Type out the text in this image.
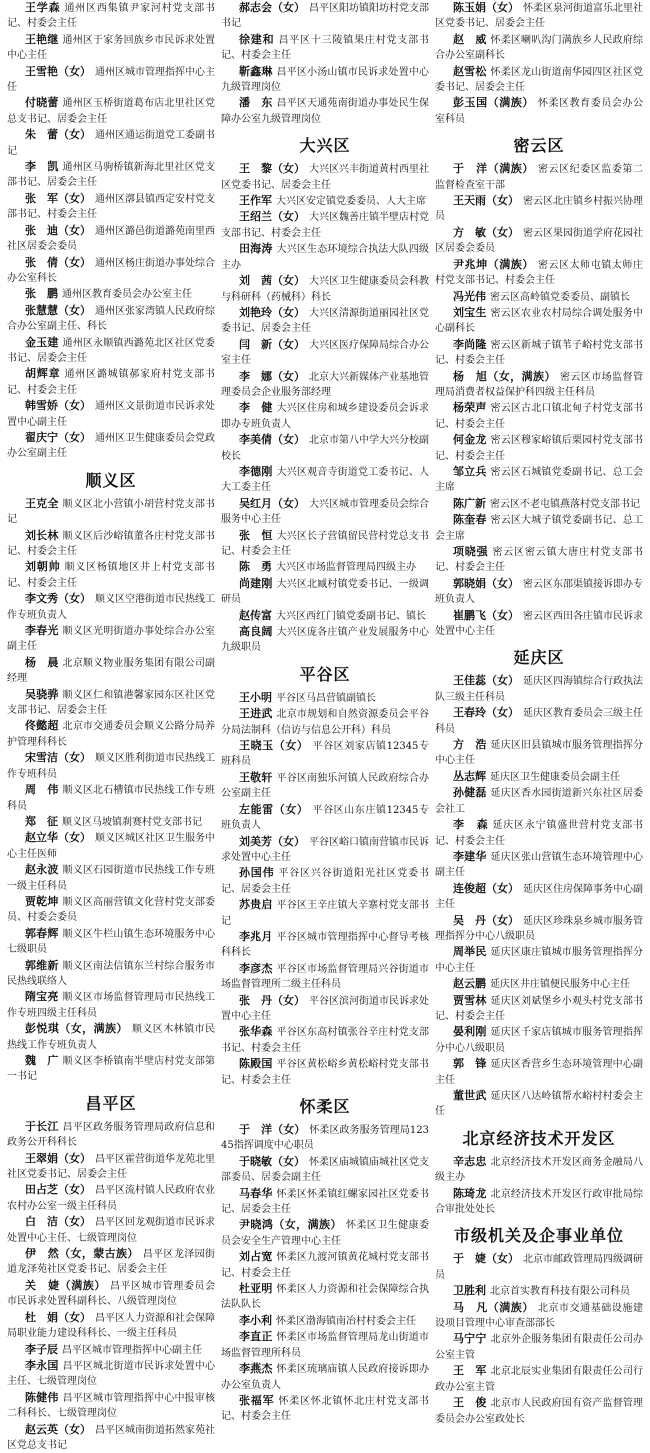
王学森 通州区西集镇尹家河村党支部书记、村委会主任

王艳继 通州区于家务回族乡市民诉求处置中心主任

王雪艳（女） 通州区城市管理指挥中心主任

付晓蕾 通州区玉桥街道葛布店北里社区党总支书记、居委会主任

朱　蕾（女） 通州区通运街道党工委副书记

李　凯 通州区马驹桥镇新海北里社区党支部书记、居委会主任

张　军（女） 通州区漷县镇西定安村党支部书记、村委会主任

张　迪（女） 通州区潞邑街道潞苑南里西社区居委会委员

张　倩（女） 通州区杨庄街道办事处综合办公室科长

张　鹏 通州区教育委员会办公室主任

张慧慧（女） 通州区张家湾镇人民政府综合办公室副主任、科长

金玉建 通州区永顺镇西潞苑北区社区党委书记、居委会主任

胡辉章 通州区潞城镇郝家府村党支部书记、村委会主任

韩雪娇（女） 通州区文景街道市民诉求处置中心副主任

翟庆宁（女） 通州区卫生健康委员会党政办公室副主任

顺义区

王克全 顺义区北小营镇小胡营村党支部书记

刘长林 顺义区后沙峪镇董各庄村党支部书记、村委会主任

刘朝帅 顺义区杨镇地区井上村党支部书记、村委会主任

李文秀（女） 顺义区空港街道市民热线工作专班负责人

李春光 顺义区光明街道办事处综合办公室副主任

杨　晨 北京顺义物业服务集团有限公司副经理

吴骁骅 顺义区仁和镇港馨家园东区社区党支部书记、居委会主任

佟懿超 北京市交通委员会顺义公路分局养护管理科科长

宋雪洁（女） 顺义区胜利街道市民热线工作专班科员

周　伟 顺义区北石槽镇市民热线工作专班科员

郑　征 顺义区马坡镇刹赛村党支部书记

赵立华（女） 顺义区城区社区卫生服务中心主任医师

赵永波 顺义区石园街道市民热线工作专班一级主任科员

贾乾坤 顺义区高丽营镇文化营村党支部委员、村委会委员

郭春辉 顺义区牛栏山镇生态环境服务中心七级职员

郭维新 顺义区南法信镇东兰村综合服务市民热线联络人

隋宝亮 顺义区市场监督管理局市民热线工作专班四级主任科员

彭悦琪（女，满族） 顺义区木林镇市民热线工作专班负责人

魏　广 顺义区李桥镇南半壁店村党支部第一书记

昌平区

于长江 昌平区政务服务管理局政府信息和政务公开科科长

王翠娟（女） 昌平区霍营街道华龙苑北里社区党委书记、居委会主任

田占芝（女） 昌平区流村镇人民政府农业农村办公室一级主任科员

白　洁（女） 昌平区回龙观街道市民诉求处置中心主任、七级管理岗位

伊　然（女，蒙古族） 昌平区龙泽园街道龙泽苑社区党委书记、居委会主任

关　婕（满族） 昌平区城市管理委员会市民诉求处置科副科长、八级管理岗位

杜　娟（女） 昌平区人力资源和社会保障局职业能力建设科科长、一级主任科员

李子辰 昌平区城市管理指挥中心副主任

李永国 昌平区城北街道市民诉求处置中心主任、七级管理岗位

陈健伟 昌平区城市管理指挥中心中报审核二科科长、七级管理岗位

赵云英（女） 昌平区城南街道拓然家苑社区党总支书记

郝志会（女） 昌平区阳坊镇阳坊村党支部书记

徐建和 昌平区十三陵镇果庄村党支部书记、村委会主任

靳鑫琳 昌平区小汤山镇市民诉求处置中心九级管理岗位

潘　东 昌平区天通苑南街道办事处民生保障办公室九级管理岗位

大兴区

王　黎（女） 大兴区兴丰街道黄村西里社区党委书记、居委会主任

王作军 大兴区安定镇党委委员、人大主席

王绍兰（女） 大兴区魏善庄镇半壁店村党支部书记、村委会主任

田海涛 大兴区生态环境综合执法大队四级主办

刘　茜（女） 大兴区卫生健康委员会科教与科研科（药械科）科长

刘艳玲（女） 大兴区清源街道丽园社区党委书记、居委会主任

闫　新（女） 大兴区医疗保障局综合办公室主任

李　娜（女） 北京大兴新媒体产业基地管理委员会企业服务部经理

李　健 大兴区住房和城乡建设委员会诉求即办专班负责人

李美倩（女） 北京市第八中学大兴分校副校长

李德刚 大兴区观音寺街道党工委书记、人大工委主任

吴红月（女） 大兴区城市管理委员会综合服务中心主任

张　恒 大兴区长子营镇留民营村党总支书记、村委会主任

陈　勇 大兴区市场监督管理局四级主办

尚建刚 大兴区北臧村镇党委书记、一级调研员

赵传富 大兴区西红门镇党委副书记、镇长

高良阔 大兴区庞各庄镇产业发展服务中心九级职员

平谷区

王小明 平谷区马昌营镇副镇长

王进武 北京市规划和自然资源委员会平谷分局法制科（信访与信息公开科）科员

王晓玉（女） 平谷区刘家店镇12345专班科员

王敬轩 平谷区南独乐河镇人民政府综合办公室副主任

左能雷（女） 平谷区山东庄镇12345专班负责人

刘美芳（女） 平谷区峪口镇南营镇市民诉求处置中心主任

孙国伟 平谷区兴谷街道阳光社区党委书记、居委会主任

苏贵启 平谷区王辛庄镇大辛寨村党支部书记

李兆月 平谷区城市管理指挥中心督导考核科科长

李彦杰 平谷区市场监督管理局兴谷街道市场监督管理所二级主任科员

张　丹（女） 平谷区滨河街道市民诉求处置中心主任

张华森 平谷区东高村镇张谷辛庄村党支部书记、村委会主任

陈殿国 平谷区黄松峪乡黄松峪村党支部书记、村委会主任

怀柔区

于　洋（女） 怀柔区政务服务管理局12345指挥调度中心职员

于晓敏（女） 怀柔区庙城镇庙城社区党支部委员、居委会副主任

马春华 怀柔区怀柔镇红螺家园社区党委书记、居委会主任

尹晓鸿（女，满族） 怀柔区卫生健康委员会安全生产管理中心主任

刘占宽 怀柔区九渡河镇黄花城村党支部书记、村委会主任

杜亚明 怀柔区人力资源和社会保障综合执法队队长

李小利 怀柔区渤海镇南冶村村委会主任

李直正 怀柔区市场监督管理局龙山街道市场监督管理所科员

李燕杰 怀柔区琉璃庙镇人民政府接诉即办办公室负责人

张福军 怀柔区怀北镇怀北庄村党支部书记、村委会主任

陈玉娟（女） 怀柔区泉河街道富乐北里社区党委书记、居委会主任

赵　威 怀柔区喇叭沟门满族乡人民政府综合办公室副科长

赵雪松 怀柔区龙山街道南华园四区社区党委书记、居委会主任

彭玉国（满族） 怀柔区教育委员会办公室科员

密云区

于　洋（满族） 密云区纪委区监委第二监督检查室干部

王天雨（女） 密云区北庄镇乡村振兴协理员

方　敏（女） 密云区果园街道学府花园社区居委会委员

尹兆坤（满族） 密云区太师屯镇太师庄村党支部书记、村委会主任

冯光伟 密云区高岭镇党委委员、副镇长

刘宝生 密云区农业农村局综合调处服务中心副科长

李尚隆 密云区新城子镇苇子峪村党支部书记、村委会主任

杨　旭（女，满族） 密云区市场监督管理局消费者权益保护科四级主任科员

杨荣声 密云区古北口镇北甸子村党支部书记、村委会主任

何金龙 密云区穆家峪镇后栗园村党支部书记、村委会主任

邹立兵 密云区石城镇党委副书记、总工会主席

陈广新 密云区不老屯镇燕落村党支部书记

陈奎春 密云区大城子镇党委副书记、总工会主席

项晓强 密云区密云镇大唐庄村党支部书记、村委会主任

郭晓娟（女） 密云区东邵渠镇接诉即办专班负责人

崔鹏飞（女） 密云区西田各庄镇市民诉求处置中心主任

延庆区

王佳蕊（女） 延庆区四海镇综合行政执法队三级主任科员

王春玲（女） 延庆区教育委员会三级主任科员

方　浩 延庆区旧县镇城市服务管理指挥分中心主任

丛志辉 延庆区卫生健康委员会副主任

孙健磊 延庆区香水园街道新兴东社区居委会社工

李　森 延庆区永宁镇盛世营村党支部书记、村委会主任

李建华 延庆区张山营镇生态环境管理中心副主任

连俊超（女） 延庆区住房保障事务中心副主任

吴　丹（女） 延庆区珍珠泉乡城市服务管理指挥分中心八级职员

周举民 延庆区康庄镇城市服务管理指挥分中心主任

赵云鹏 延庆区井庄镇便民服务中心主任

贾雪林 延庆区刘斌堡乡小观头村党支部书记、村委会主任

晏利刚 延庆区千家店镇城市服务管理指挥分中心八级职员

郭　锋 延庆区香营乡生态环境管理中心副主任

董世武 延庆区八达岭镇帮水峪村村委会主任

北京经济技术开发区

辛志忠 北京经济技术开发区商务金融局八级主办

陈琦龙 北京经济技术开发区行政审批局综合审批处处长

市级机关及企事业单位

于　婕（女） 北京市邮政管理局四级调研员

卫胜利 北京首实教育科技有限公司科员

马　凡（满族） 北京市交通基础设施建设项目管理中心审查部部长

马宁宁 北京外企服务集团有限责任公司办公室主管

王　军 北京北辰实业集团有限责任公司行政办公室主管

王　俊 北京市人民政府国有资产监督管理委员会办公室政处长
